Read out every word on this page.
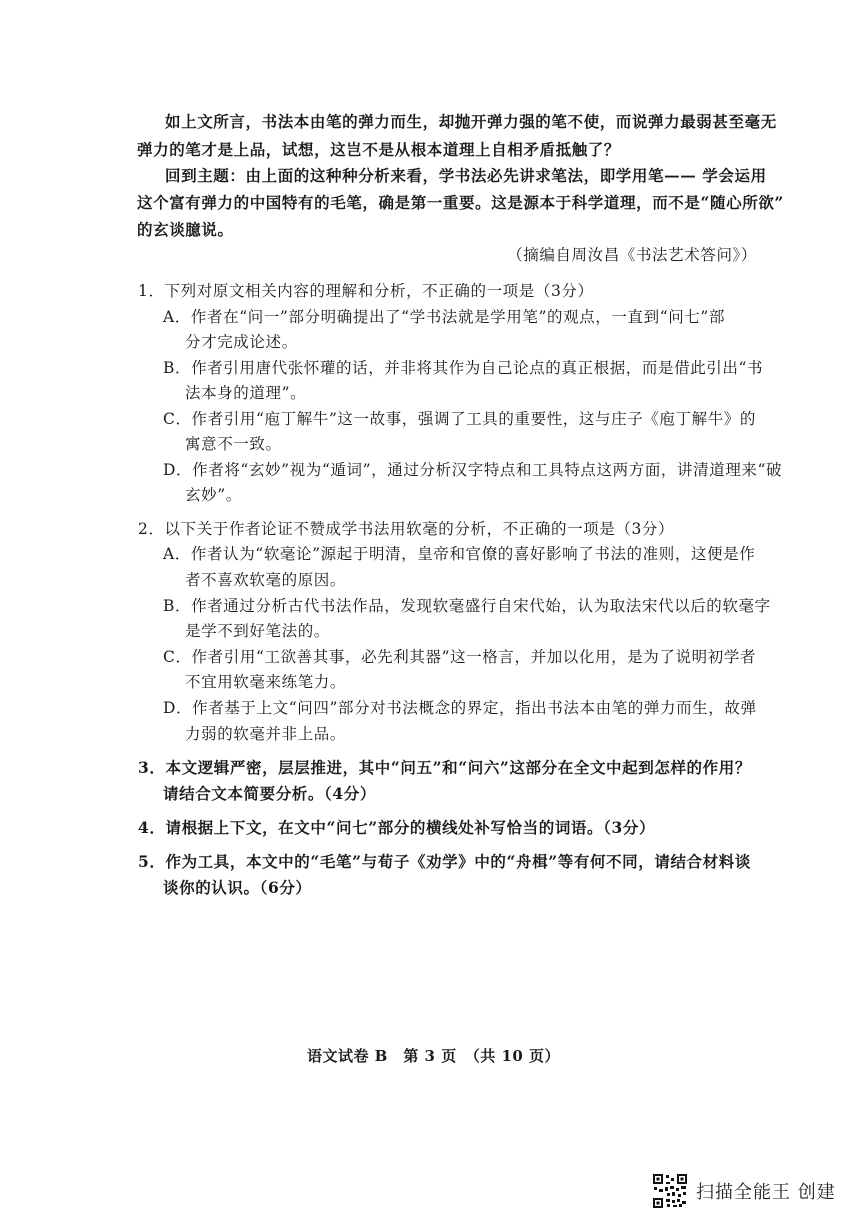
如上文所言，书法本由笔的弹力而生，却抛开弹力强的笔不使，而说弹力最弱甚至毫无
弹力的笔才是上品，试想，这岂不是从根本道理上自相矛盾抵触了？
回到主题：由上面的这种种分析来看，学书法必先讲求笔法，即学用笔—— 学会运用
这个富有弹力的中国特有的毛笔，确是第一重要。这是源本于科学道理，而不是“随心所欲”
的玄谈臆说。
（摘编自周汝昌《书法艺术答问》）
1．下列对原文相关内容的理解和分析，不正确的一项是（3分）
A．作者在“问一”部分明确提出了“学书法就是学用笔”的观点，一直到“问七”部
分才完成论述。
B．作者引用唐代张怀瓘的话，并非将其作为自己论点的真正根据，而是借此引出“书
法本身的道理”。
C．作者引用“庖丁解牛”这一故事，强调了工具的重要性，这与庄子《庖丁解牛》的
寓意不一致。
D．作者将“玄妙”视为“遁词”，通过分析汉字特点和工具特点这两方面，讲清道理来“破
玄妙”。
2．以下关于作者论证不赞成学书法用软毫的分析，不正确的一项是（3分）
A．作者认为“软毫论”源起于明清，皇帝和官僚的喜好影响了书法的准则，这便是作
者不喜欢软毫的原因。
B．作者通过分析古代书法作品，发现软毫盛行自宋代始，认为取法宋代以后的软毫字
是学不到好笔法的。
C．作者引用“工欲善其事，必先利其器”这一格言，并加以化用，是为了说明初学者
不宜用软毫来练笔力。
D．作者基于上文“问四”部分对书法概念的界定，指出书法本由笔的弹力而生，故弹
力弱的软毫并非上品。
3．本文逻辑严密，层层推进，其中“问五”和“问六”这部分在全文中起到怎样的作用？
请结合文本简要分析。（4分）
4．请根据上下文，在文中“问七”部分的横线处补写恰当的词语。（3分）
5．作为工具，本文中的“毛笔”与荀子《劝学》中的“舟楫”等有何不同，请结合材料谈
谈你的认识。（6分）
语文试卷 B　第 3 页　（共 10 页）
扫描全能王 创建
